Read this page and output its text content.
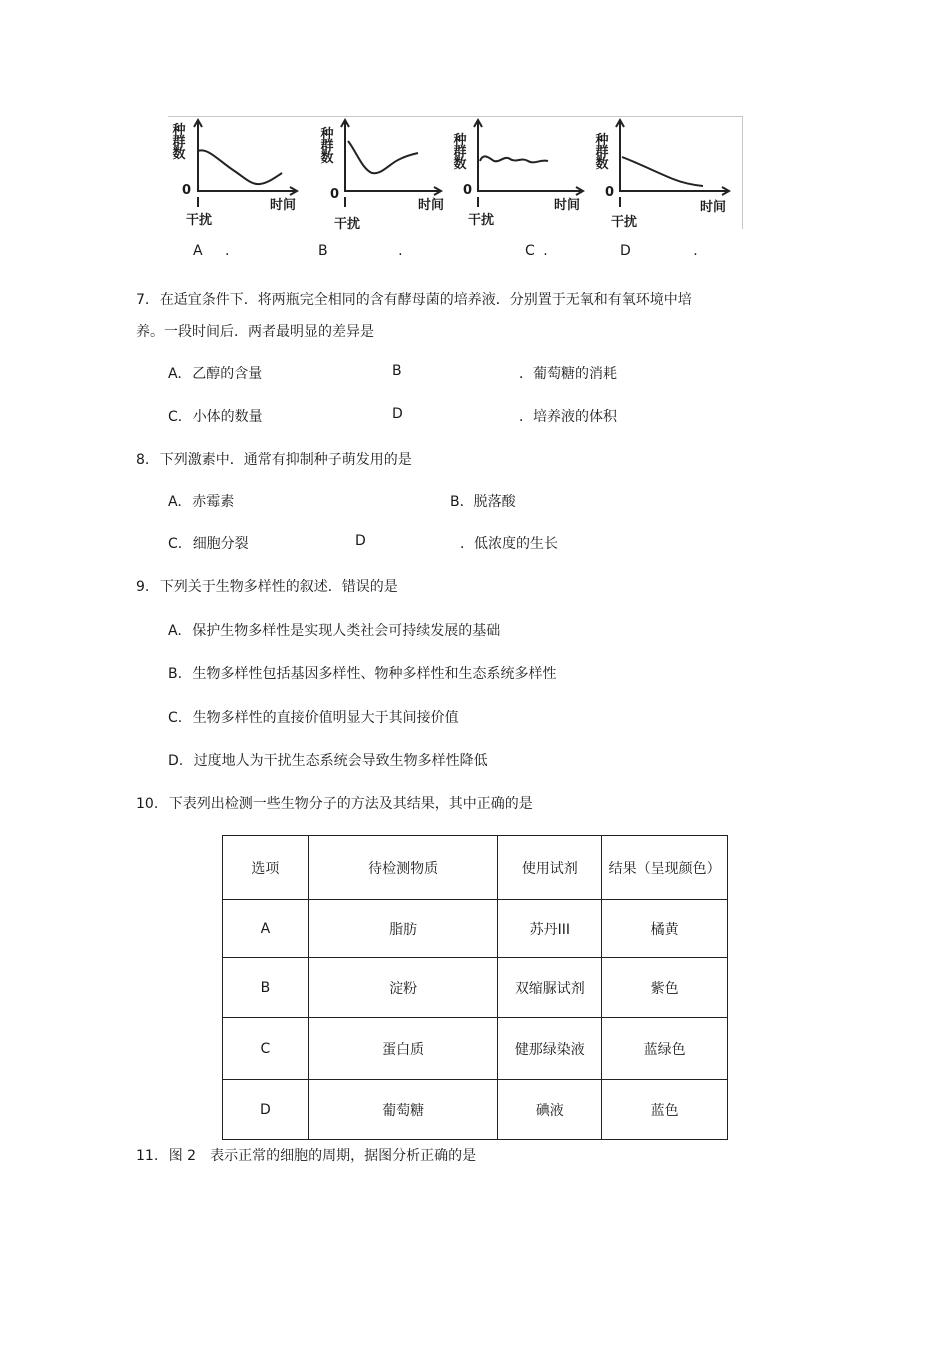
种
群
数
0
时间
干扰
种
群
数
0
时间
干扰
种
群
数
0
时间
干扰
种
群
数
0
时间
干扰
A .	B	.	C .	D	.
7. 在适宜条件下．将两瓶完全相同的含有酵母菌的培养液．分别置于无氧和有氧环境中培
养。一段时间后．两者最明显的差异是
A. 乙醇的含量	B	．葡萄糖的消耗
C. 小体的数量	D	．培养液的体积
8. 下列激素中．通常有抑制种子萌发用的是
A. 赤霉素	B．脱落酸
C. 细胞分裂	D	．低浓度的生长
9. 下列关于生物多样性的叙述．错误的是
A. 保护生物多样性是实现人类社会可持续发展的基础
B. 生物多样性包括基因多样性、物种多样性和生态系统多样性
C. 生物多样性的直接价值明显大于其间接价值
D. 过度地人为干扰生态系统会导致生物多样性降低
10. 下表列出检测一些生物分子的方法及其结果，其中正确的是
选项	待检测物质	使用试剂	结果（呈现颜色）
A	脂肪	苏丹III	橘黄
B	淀粉	双缩脲试剂	紫色
C	蛋白质	健那绿染液	蓝绿色
D	葡萄糖	碘液	蓝色
11. 图 2　表示正常的细胞的周期，据图分析正确的是
